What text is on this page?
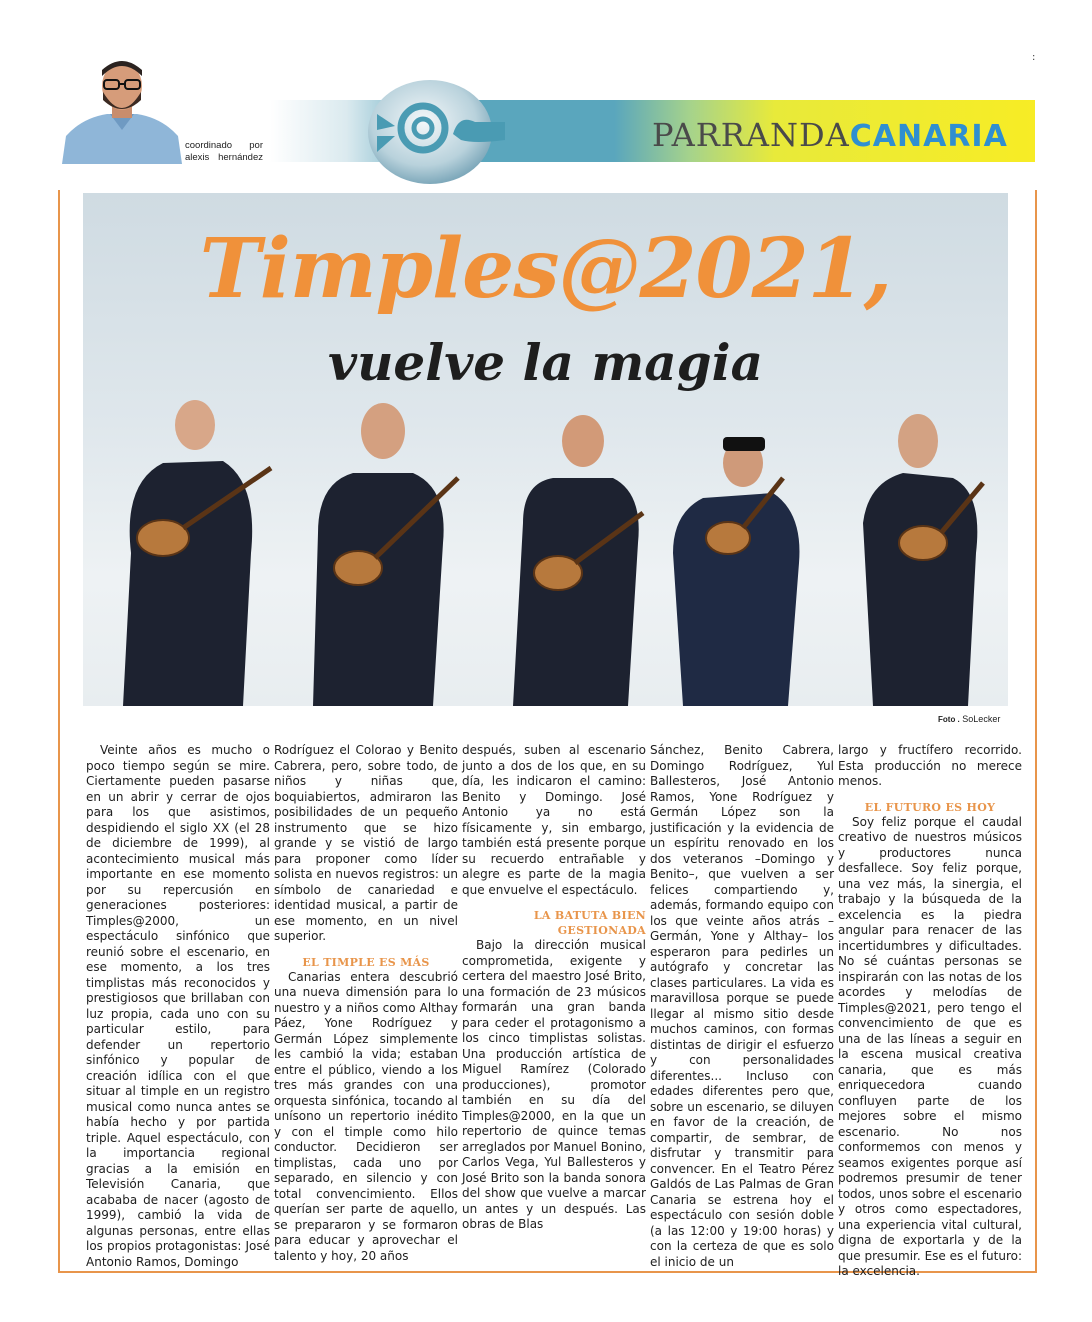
:
coordinado por
alexis hernández
PARRANDACANARIA
Timples@2021,
vuelve la magia
Foto . SoLecker

Veinte años es mucho o poco tiempo según se mire. Ciertamente pueden pasarse en un abrir y cerrar de ojos para los que asistimos, despidiendo el siglo XX (el 28 de diciembre de 1999), al acontecimiento musical más importante en ese momento por su repercusión en generaciones posteriores: Timples@2000, un espectáculo sinfónico que reunió sobre el escenario, en ese momento, a los tres timplistas más reconocidos y prestigiosos que brillaban con luz propia, cada uno con su particular estilo, para defender un repertorio sinfónico y popular de creación idílica con el que situar al timple en un registro musical como nunca antes se había hecho y por partida triple. Aquel espectáculo, con la importancia regional gracias a la emisión en Televisión Canaria, que acababa de nacer (agosto de 1999), cambió la vida de algunas personas, entre ellas los propios protagonistas: José Antonio Ramos, Domingo

Rodríguez el Colorao y Benito Cabrera, pero, sobre todo, de niños y niñas que, boquiabiertos, admiraron las posibilidades de un pequeño instrumento que se hizo grande y se vistió de largo para proponer como líder solista en nuevos registros: un símbolo de canariedad e identidad musical, a partir de ese momento, en un nivel superior.

EL TIMPLE ES MÁS

Canarias entera descubrió una nueva dimensión para lo nuestro y a niños como Althay Páez, Yone Rodríguez y Germán López simplemente les cambió la vida; estaban entre el público, viendo a los tres más grandes con una orquesta sinfónica, tocando al unísono un repertorio inédito y con el timple como hilo conductor. Decidieron ser timplistas, cada uno por separado, en silencio y con total convencimiento. Ellos querían ser parte de aquello, se prepararon y se formaron para educar y aprovechar el talento y hoy, 20 años

después, suben al escenario junto a dos de los que, en su día, les indicaron el camino: Benito y Domingo. José Antonio ya no está físicamente y, sin embargo, también está presente porque su recuerdo entrañable y alegre es parte de la magia que envuelve el espectáculo.

LA BATUTA BIEN GESTIONADA

Bajo la dirección musical comprometida, exigente y certera del maestro José Brito, una formación de 23 músicos formarán una gran banda para ceder el protagonismo a los cinco timplistas solistas. Una producción artística de Miguel Ramírez (Colorado producciones), promotor también en su día del Timples@2000, en la que un repertorio de quince temas arreglados por Manuel Bonino, Carlos Vega, Yul Ballesteros y José Brito son la banda sonora del show que vuelve a marcar un antes y un después. Las obras de Blas

Sánchez, Benito Cabrera, Domingo Rodríguez, Yul Ballesteros, José Antonio Ramos, Yone Rodríguez y Germán López son la justificación y la evidencia de un espíritu renovado en los dos veteranos –Domingo y Benito–, que vuelven a ser felices compartiendo y, además, formando equipo con los que veinte años atrás –Germán, Yone y Althay– los esperaron para pedirles un autógrafo y concretar las clases particulares. La vida es maravillosa porque se puede llegar al mismo sitio desde muchos caminos, con formas distintas de dirigir el esfuerzo y con personalidades diferentes... Incluso con edades diferentes pero que, sobre un escenario, se diluyen en favor de la creación, de compartir, de sembrar, de disfrutar y transmitir para convencer. En el Teatro Pérez Galdós de Las Palmas de Gran Canaria se estrena hoy el espectáculo con sesión doble (a las 12:00 y 19:00 horas) y con la certeza de que es solo el inicio de un

largo y fructífero recorrido. Esta producción no merece menos.

EL FUTURO ES HOY

Soy feliz porque el caudal creativo de nuestros músicos y productores nunca desfallece. Soy feliz porque, una vez más, la sinergia, el trabajo y la búsqueda de la excelencia es la piedra angular para renacer de las incertidumbres y dificultades. No sé cuántas personas se inspirarán con las notas de los acordes y melodías de Timples@2021, pero tengo el convencimiento de que es una de las líneas a seguir en la escena musical creativa canaria, que es más enriquecedora cuando confluyen parte de los mejores sobre el mismo escenario. No nos conformemos con menos y seamos exigentes porque así podremos presumir de tener todos, unos sobre el escenario y otros como espectadores, una experiencia vital cultural, digna de exportarla y de la que presumir. Ese es el futuro: la excelencia.
